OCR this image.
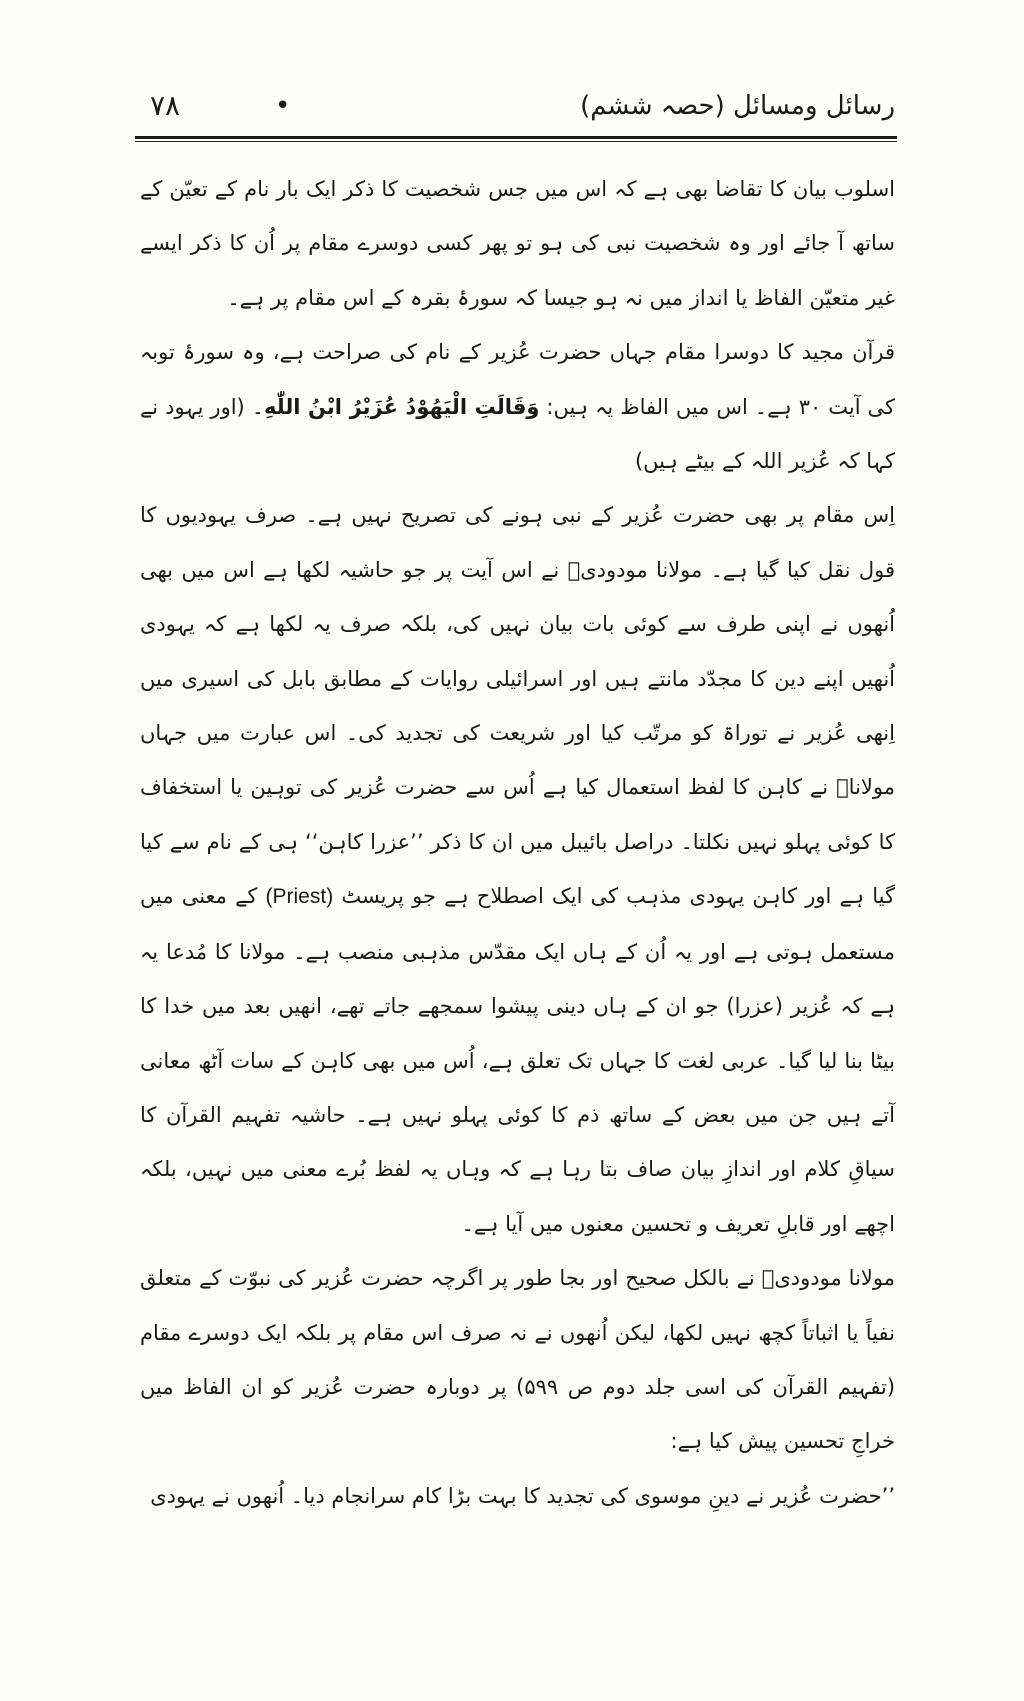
رسائل ومسائل (حصہ ششم)
•
۷۸

اسلوب بیان کا تقاضا بھی ہے کہ اس میں جس شخصیت کا ذکر ایک بار نام کے تعیّن کے ساتھ آ جائے اور وہ شخصیت نبی کی ہو تو پھر کسی دوسرے مقام پر اُن کا ذکر ایسے غیر متعیّن الفاظ یا انداز میں نہ ہو جیسا کہ سورۂ بقرہ کے اس مقام پر ہے۔

قرآن مجید کا دوسرا مقام جہاں حضرت عُزیر کے نام کی صراحت ہے، وہ سورۂ توبہ کی آیت ۳۰ ہے۔ اس میں الفاظ یہ ہیں: وَقَالَتِ الْيَهُوْدُ عُزَيْرُ ابْنُ اللّٰهِ۔ (اور یہود نے کہا کہ عُزیر اللہ کے بیٹے ہیں)

اِس مقام پر بھی حضرت عُزیر کے نبی ہونے کی تصریح نہیں ہے۔ صرف یہودیوں کا قول نقل کیا گیا ہے۔ مولانا مودودیؒ نے اس آیت پر جو حاشیہ لکھا ہے اس میں بھی اُنھوں نے اپنی طرف سے کوئی بات بیان نہیں کی، بلکہ صرف یہ لکھا ہے کہ یہودی اُنھیں اپنے دین کا مجدّد مانتے ہیں اور اسرائیلی روایات کے مطابق بابل کی اسیری میں اِنھی عُزیر نے توراۃ کو مرتّب کیا اور شریعت کی تجدید کی۔ اس عبارت میں جہاں مولاناؒ نے کاہن کا لفظ استعمال کیا ہے اُس سے حضرت عُزیر کی توہین یا استخفاف کا کوئی پہلو نہیں نکلتا۔ دراصل بائیبل میں ان کا ذکر ’’عزرا کاہن‘‘ ہی کے نام سے کیا گیا ہے اور کاہن یہودی مذہب کی ایک اصطلاح ہے جو پریسٹ (Priest) کے معنی میں مستعمل ہوتی ہے اور یہ اُن کے ہاں ایک مقدّس مذہبی منصب ہے۔ مولانا کا مُدعا یہ ہے کہ عُزیر (عزرا) جو ان کے ہاں دینی پیشوا سمجھے جاتے تھے، انھیں بعد میں خدا کا بیٹا بنا لیا گیا۔ عربی لغت کا جہاں تک تعلق ہے، اُس میں بھی کاہن کے سات آٹھ معانی آتے ہیں جن میں بعض کے ساتھ ذم کا کوئی پہلو نہیں ہے۔ حاشیہ تفہیم القرآن کا سیاقِ کلام اور اندازِ بیان صاف بتا رہا ہے کہ وہاں یہ لفظ بُرے معنی میں نہیں، بلکہ اچھے اور قابلِ تعریف و تحسین معنوں میں آیا ہے۔

مولانا مودودیؒ نے بالکل صحیح اور بجا طور پر اگرچہ حضرت عُزیر کی نبوّت کے متعلق نفیاً یا اثباتاً کچھ نہیں لکھا، لیکن اُنھوں نے نہ صرف اس مقام پر بلکہ ایک دوسرے مقام (تفہیم القرآن کی اسی جلد دوم ص ۵۹۹) پر دوبارہ حضرت عُزیر کو ان الفاظ میں خراجِ تحسین پیش کیا ہے:

’’حضرت عُزیر نے دینِ موسوی کی تجدید کا بہت بڑا کام سرانجام دیا۔ اُنھوں نے یہودی
